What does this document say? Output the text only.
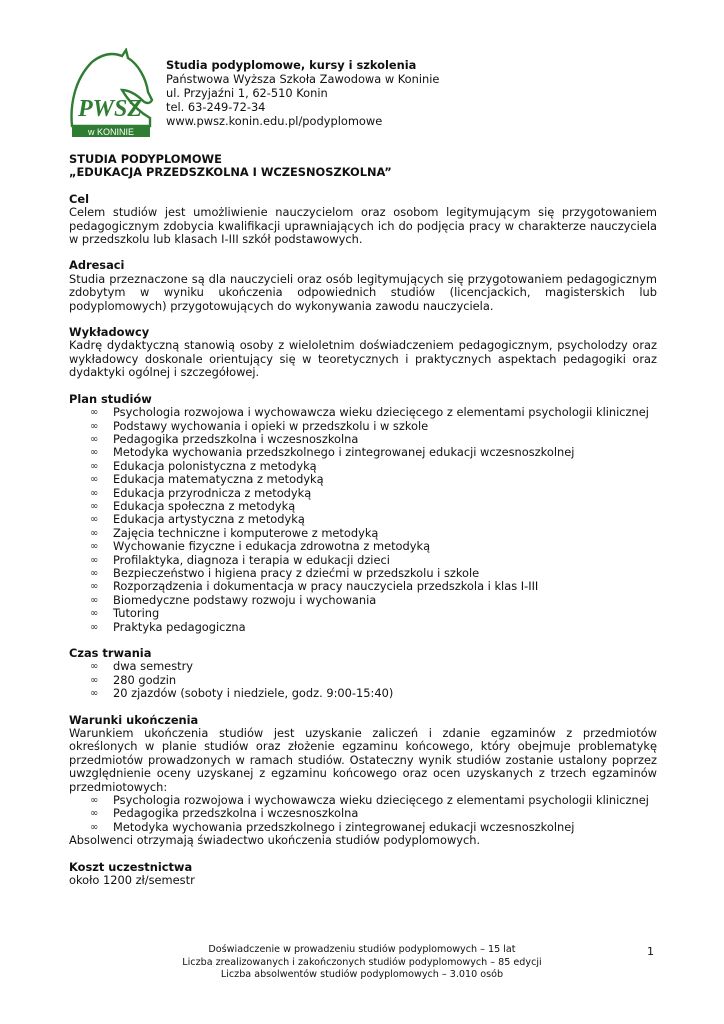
PWSZ
w KONINIE
Studia podyplomowe, kursy i szkolenia
Państwowa Wyższa Szkoła Zawodowa w Koninie
ul. Przyjaźni 1, 62-510 Konin
tel. 63-249-72-34
www.pwsz.konin.edu.pl/podyplomowe
STUDIA PODYPLOMOWE
„EDUKACJA PRZEDSZKOLNA I WCZESNOSZKOLNA”
Cel

Celem studiów jest umożliwienie nauczycielom oraz osobom legitymującym się przygotowaniem pedagogicznym zdobycia kwalifikacji uprawniających ich do podjęcia pracy w charakterze nauczyciela w przedszkolu lub klasach I-III szkół podstawowych.

Adresaci

Studia przeznaczone są dla nauczycieli oraz osób legitymujących się przygotowaniem pedagogicznym zdobytym w wyniku ukończenia odpowiednich studiów (licencjackich, magisterskich lub podyplomowych) przygotowujących do wykonywania zawodu nauczyciela.

Wykładowcy

Kadrę dydaktyczną stanowią osoby z wieloletnim doświadczeniem pedagogicznym, psycholodzy oraz wykładowcy doskonale orientujący się w teoretycznych i praktycznych aspektach pedagogiki oraz dydaktyki ogólnej i szczegółowej.

Plan studiów
∞ Psychologia rozwojowa i wychowawcza wieku dziecięcego z elementami psychologii klinicznej
∞ Podstawy wychowania i opieki w przedszkolu i w szkole
∞ Pedagogika przedszkolna i wczesnoszkolna
∞ Metodyka wychowania przedszkolnego i zintegrowanej edukacji wczesnoszkolnej
∞ Edukacja polonistyczna z metodyką
∞ Edukacja matematyczna z metodyką
∞ Edukacja przyrodnicza z metodyką
∞ Edukacja społeczna z metodyką
∞ Edukacja artystyczna z metodyką
∞ Zajęcia techniczne i komputerowe z metodyką
∞ Wychowanie fizyczne i edukacja zdrowotna z metodyką
∞ Profilaktyka, diagnoza i terapia w edukacji dzieci
∞ Bezpieczeństwo i higiena pracy z dziećmi w przedszkolu i szkole
∞ Rozporządzenia i dokumentacja w pracy nauczyciela przedszkola i klas I-III
∞ Biomedyczne podstawy rozwoju i wychowania
∞ Tutoring
∞ Praktyka pedagogiczna
Czas trwania
∞ dwa semestry
∞ 280 godzin
∞ 20 zjazdów (soboty i niedziele, godz. 9:00-15:40)
Warunki ukończenia

Warunkiem ukończenia studiów jest uzyskanie zaliczeń i zdanie egzaminów z przedmiotów określonych w planie studiów oraz złożenie egzaminu końcowego, który obejmuje problematykę przedmiotów prowadzonych w ramach studiów. Ostateczny wynik studiów zostanie ustalony poprzez uwzględnienie oceny uzyskanej z egzaminu końcowego oraz ocen uzyskanych z trzech egzaminów przedmiotowych:

∞ Psychologia rozwojowa i wychowawcza wieku dziecięcego z elementami psychologii klinicznej
∞ Pedagogika przedszkolna i wczesnoszkolna
∞ Metodyka wychowania przedszkolnego i zintegrowanej edukacji wczesnoszkolnej

Absolwenci otrzymają świadectwo ukończenia studiów podyplomowych.

Koszt uczestnictwa

około 1200 zł/semestr

Doświadczenie w prowadzeniu studiów podyplomowych – 15 lat
Liczba zrealizowanych i zakończonych studiów podyplomowych – 85 edycji
Liczba absolwentów studiów podyplomowych – 3.010 osób
1
